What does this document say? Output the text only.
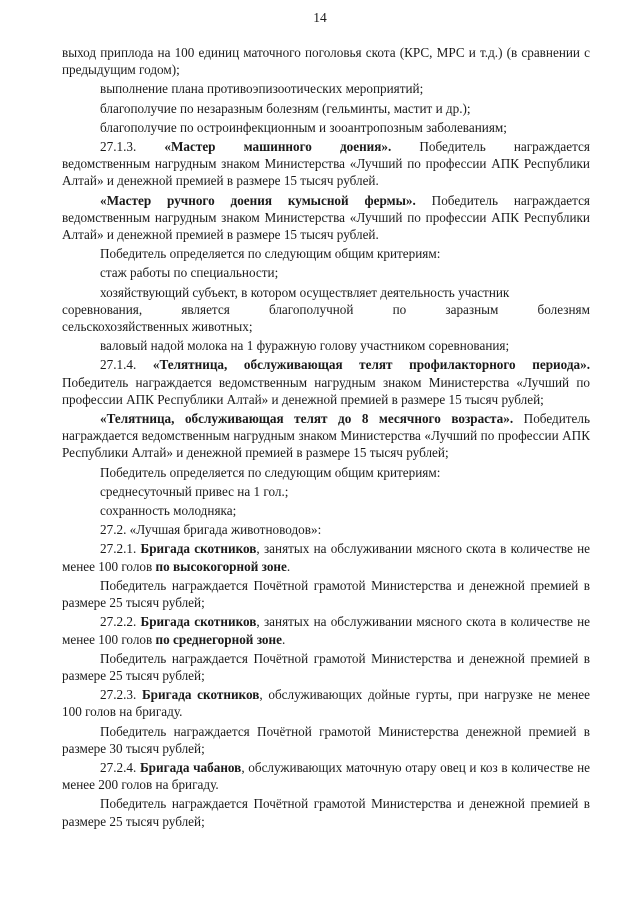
14

выход приплода на 100 единиц маточного поголовья скота (КРС, МРС и т.д.) (в сравнении с предыдущим годом);

выполнение плана противоэпизоотических мероприятий;

благополучие по незаразным болезням (гельминты, мастит и др.);

благополучие по остроинфекционным и зооантропозным заболеваниям;

27.1.3. «Мастер машинного доения». Победитель награждается

ведомственным нагрудным знаком Министерства «Лучший по профессии АПК Республики Алтай» и денежной премией в размере 15 тысяч рублей.

«Мастер ручного доения кумысной фермы». Победитель награждается ведомственным нагрудным знаком Министерства «Лучший по профессии АПК Республики Алтай» и денежной премией в размере 15 тысяч рублей.

Победитель определяется по следующим общим критериям:

стаж работы по специальности;

хозяйствующий субъект, в котором осуществляет деятельность участник

соревнования,	является	благополучной	по	заразным	болезням

сельскохозяйственных животных;

валовый надой молока на 1 фуражную голову участником соревнования;

27.1.4. «Телятница, обслуживающая телят профилакторного периода». Победитель награждается ведомственным нагрудным знаком Министерства «Лучший по профессии АПК Республики Алтай» и денежной премией в размере 15 тысяч рублей;

«Телятница, обслуживающая телят до 8 месячного возраста». Победитель награждается ведомственным нагрудным знаком Министерства «Лучший по профессии АПК Республики Алтай» и денежной премией в размере 15 тысяч рублей;

Победитель определяется по следующим общим критериям:

среднесуточный привес на 1 гол.;

сохранность молодняка;

27.2. «Лучшая бригада животноводов»:

27.2.1. Бригада скотников, занятых на обслуживании мясного скота в количестве не менее 100 голов по высокогорной зоне.

Победитель награждается Почётной грамотой Министерства и денежной премией в размере 25 тысяч рублей;

27.2.2. Бригада скотников, занятых на обслуживании мясного скота в количестве не менее 100 голов по среднегорной зоне.

Победитель награждается Почётной грамотой Министерства и денежной премией в размере 25 тысяч рублей;

27.2.3. Бригада скотников, обслуживающих дойные гурты, при нагрузке не менее 100 голов на бригаду.

Победитель награждается Почётной грамотой Министерства денежной премией в размере 30 тысяч рублей;

27.2.4. Бригада чабанов, обслуживающих маточную отару овец и коз в количестве не менее 200 голов на бригаду.

Победитель награждается Почётной грамотой Министерства и денежной премией в размере 25 тысяч рублей;
